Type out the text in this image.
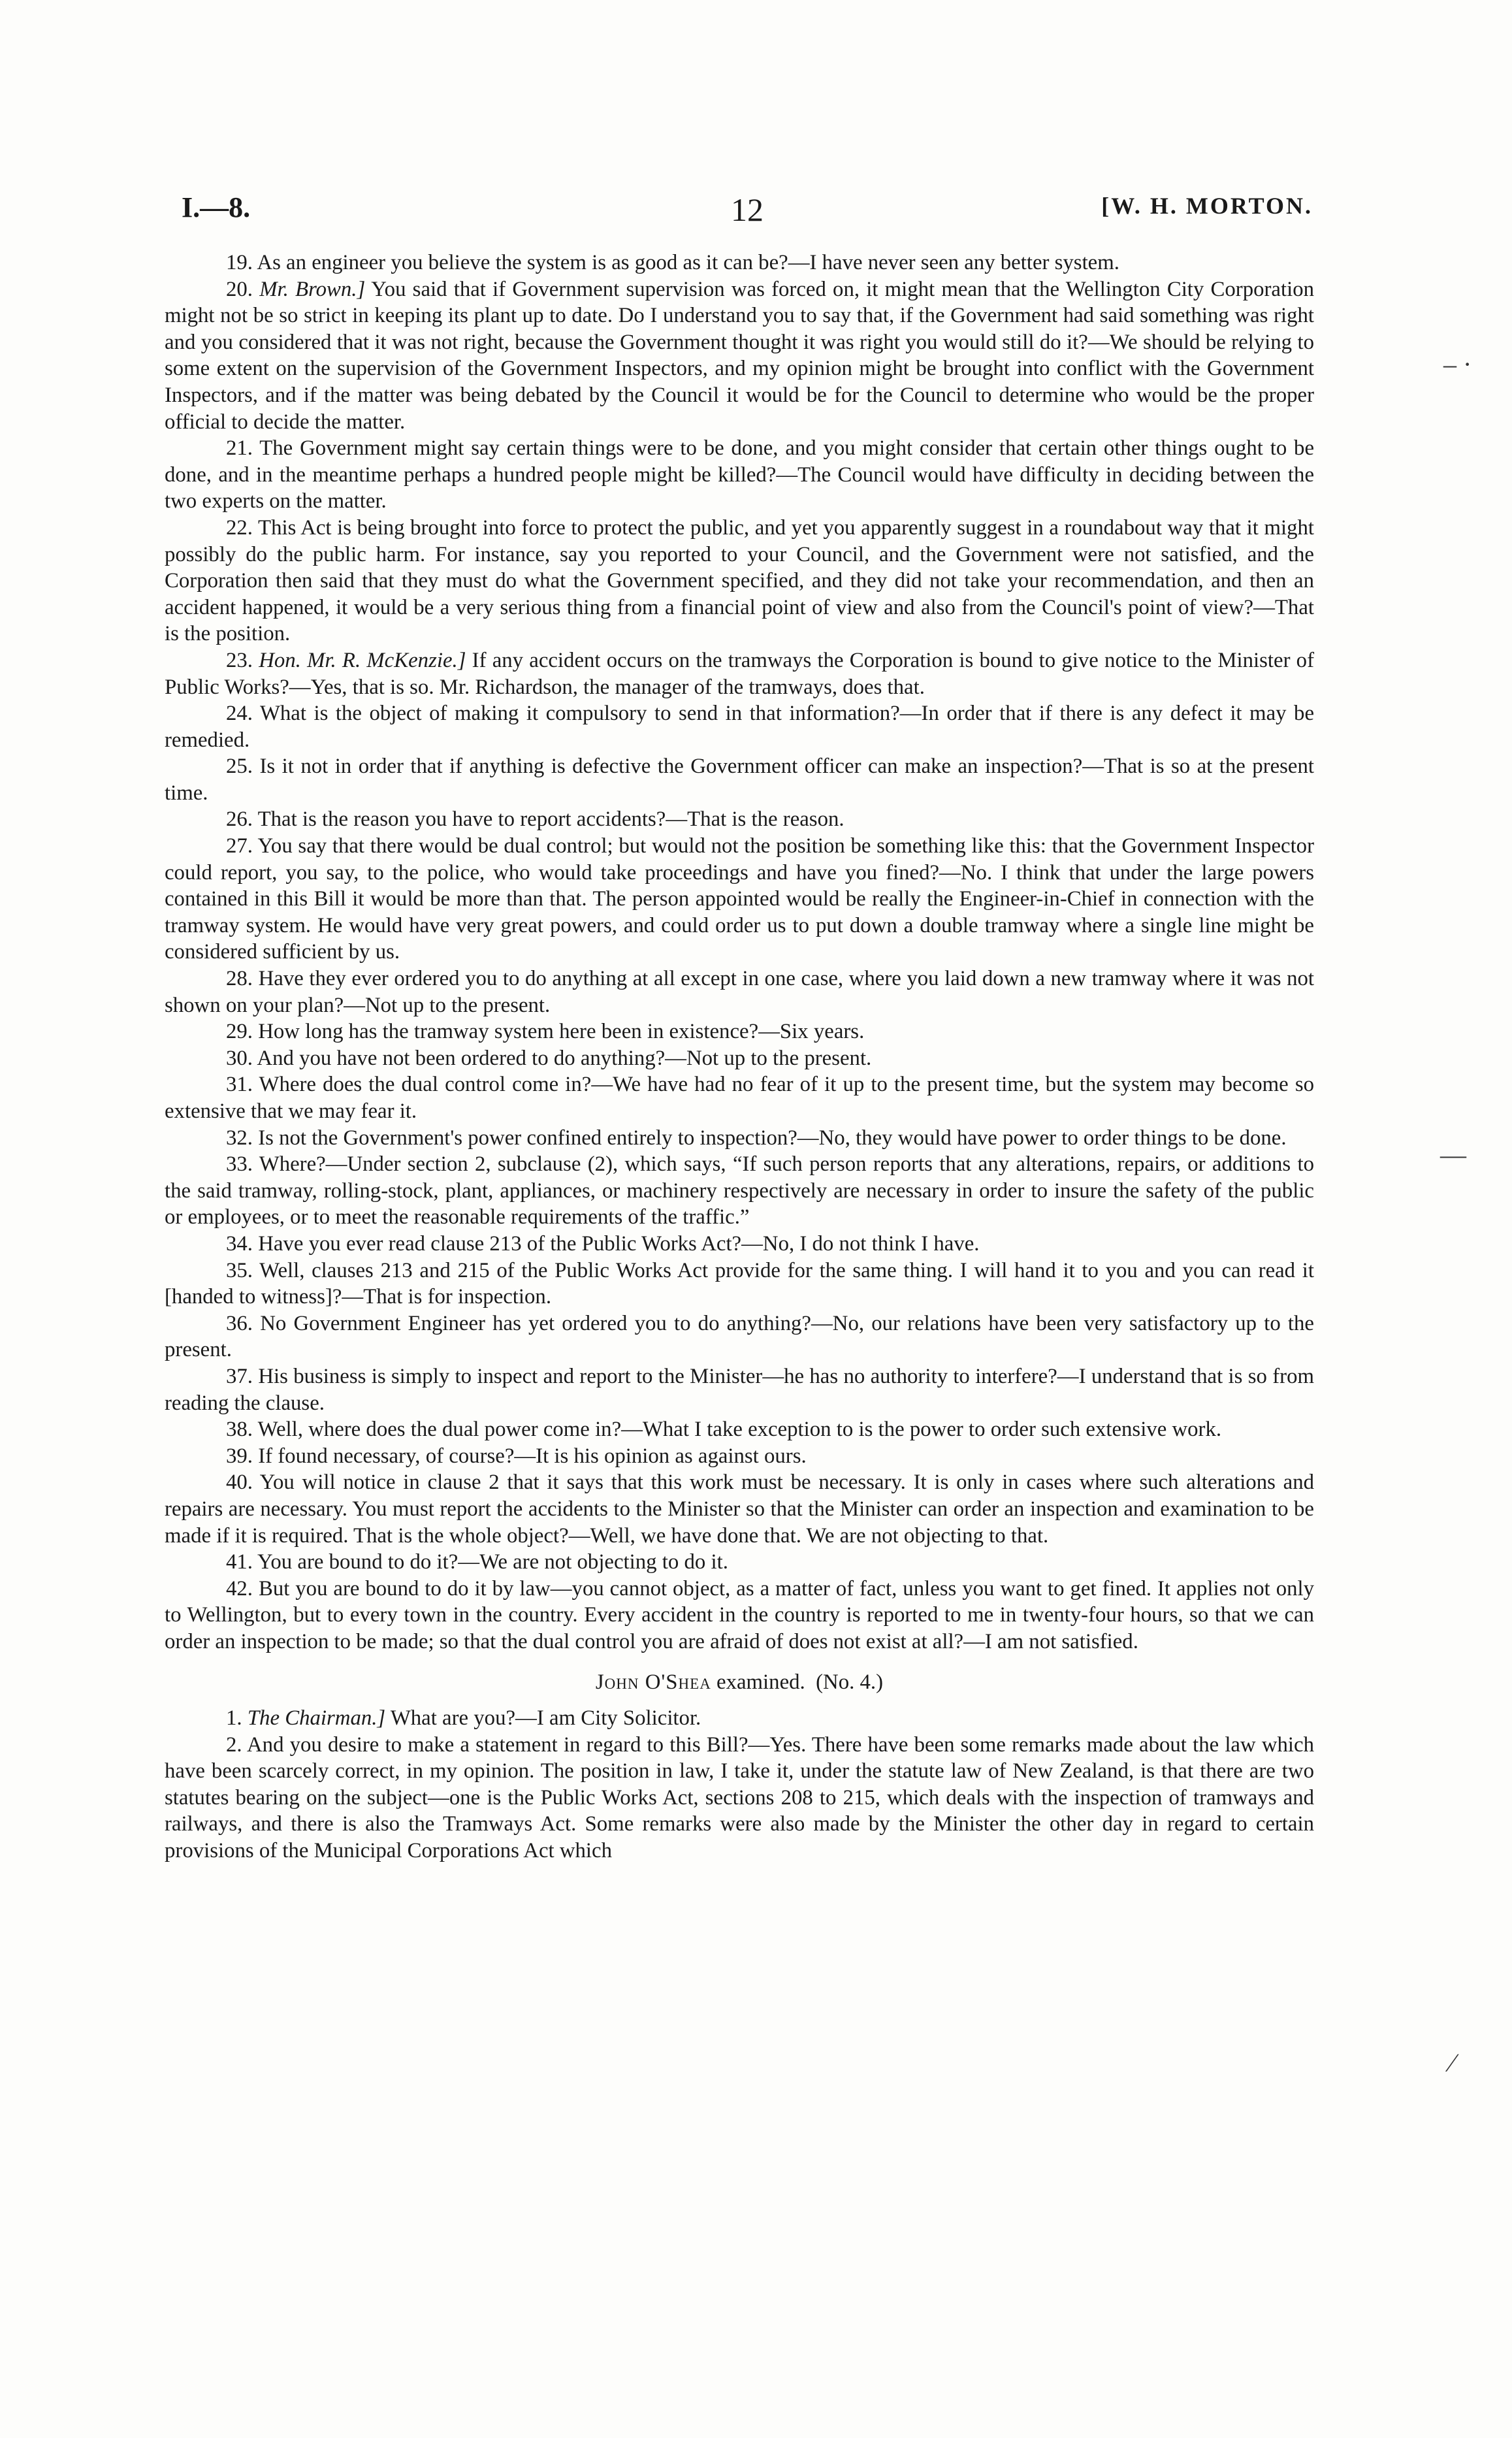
I.—8.	12	[W. H. MORTON.
– ·
—
⁄

19. As an engineer you believe the system is as good as it can be?—I have never seen any better system.

20. Mr. Brown.] You said that if Government supervision was forced on, it might mean that the Wellington City Corporation might not be so strict in keeping its plant up to date. Do I understand you to say that, if the Government had said something was right and you considered that it was not right, because the Government thought it was right you would still do it?—We should be relying to some extent on the supervision of the Government Inspectors, and my opinion might be brought into conflict with the Government Inspectors, and if the matter was being debated by the Council it would be for the Council to determine who would be the proper official to decide the matter.

21. The Government might say certain things were to be done, and you might consider that certain other things ought to be done, and in the meantime perhaps a hundred people might be killed?—The Council would have difficulty in deciding between the two experts on the matter.

22. This Act is being brought into force to protect the public, and yet you apparently suggest in a roundabout way that it might possibly do the public harm. For instance, say you reported to your Council, and the Government were not satisfied, and the Corporation then said that they must do what the Government specified, and they did not take your recommendation, and then an accident happened, it would be a very serious thing from a financial point of view and also from the Council's point of view?—That is the position.

23. Hon. Mr. R. McKenzie.] If any accident occurs on the tramways the Corporation is bound to give notice to the Minister of Public Works?—Yes, that is so. Mr. Richardson, the manager of the tramways, does that.

24. What is the object of making it compulsory to send in that information?—In order that if there is any defect it may be remedied.

25. Is it not in order that if anything is defective the Government officer can make an inspection?—That is so at the present time.

26. That is the reason you have to report accidents?—That is the reason.

27. You say that there would be dual control; but would not the position be something like this: that the Government Inspector could report, you say, to the police, who would take proceedings and have you fined?—No. I think that under the large powers contained in this Bill it would be more than that. The person appointed would be really the Engineer-in-Chief in connection with the tramway system. He would have very great powers, and could order us to put down a double tramway where a single line might be considered sufficient by us.

28. Have they ever ordered you to do anything at all except in one case, where you laid down a new tramway where it was not shown on your plan?—Not up to the present.

29. How long has the tramway system here been in existence?—Six years.

30. And you have not been ordered to do anything?—Not up to the present.

31. Where does the dual control come in?—We have had no fear of it up to the present time, but the system may become so extensive that we may fear it.

32. Is not the Government's power confined entirely to inspection?—No, they would have power to order things to be done.

33. Where?—Under section 2, subclause (2), which says, “If such person reports that any alterations, repairs, or additions to the said tramway, rolling-stock, plant, appliances, or machinery respectively are necessary in order to insure the safety of the public or employees, or to meet the reasonable requirements of the traffic.”

34. Have you ever read clause 213 of the Public Works Act?—No, I do not think I have.

35. Well, clauses 213 and 215 of the Public Works Act provide for the same thing. I will hand it to you and you can read it [handed to witness]?—That is for inspection.

36. No Government Engineer has yet ordered you to do anything?—No, our relations have been very satisfactory up to the present.

37. His business is simply to inspect and report to the Minister—he has no authority to interfere?—I understand that is so from reading the clause.

38. Well, where does the dual power come in?—What I take exception to is the power to order such extensive work.

39. If found necessary, of course?—It is his opinion as against ours.

40. You will notice in clause 2 that it says that this work must be necessary. It is only in cases where such alterations and repairs are necessary. You must report the accidents to the Minister so that the Minister can order an inspection and examination to be made if it is required. That is the whole object?—Well, we have done that. We are not objecting to that.

41. You are bound to do it?—We are not objecting to do it.

42. But you are bound to do it by law—you cannot object, as a matter of fact, unless you want to get fined. It applies not only to Wellington, but to every town in the country. Every accident in the country is reported to me in twenty-four hours, so that we can order an inspection to be made; so that the dual control you are afraid of does not exist at all?—I am not satisfied.

John O'Shea examined. (No. 4.)

1. The Chairman.] What are you?—I am City Solicitor.

2. And you desire to make a statement in regard to this Bill?—Yes. There have been some remarks made about the law which have been scarcely correct, in my opinion. The position in law, I take it, under the statute law of New Zealand, is that there are two statutes bearing on the subject—one is the Public Works Act, sections 208 to 215, which deals with the inspection of tramways and railways, and there is also the Tramways Act. Some remarks were also made by the Minister the other day in regard to certain provisions of the Municipal Corporations Act which
